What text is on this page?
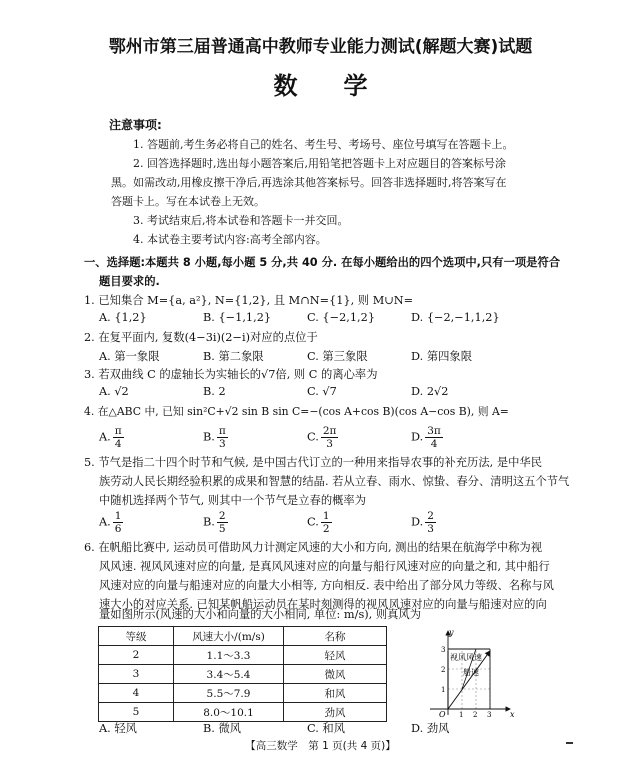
鄂州市第三届普通高中教师专业能力测试(解题大赛)试题
数学
注意事项:
1. 答题前,考生务必将自己的姓名、考生号、考场号、座位号填写在答题卡上。
2. 回答选择题时,选出每小题答案后,用铅笔把答题卡上对应题目的答案标号涂
黑。如需改动,用橡皮擦干净后,再选涂其他答案标号。回答非选择题时,将答案写在
答题卡上。写在本试卷上无效。
3. 考试结束后,将本试卷和答题卡一并交回。
4. 本试卷主要考试内容:高考全部内容。
一、选择题:本题共 8 小题,每小题 5 分,共 40 分. 在每小题给出的四个选项中,只有一项是符合
题目要求的.
1. 已知集合 M={a, a²}, N={1,2}, 且 M∩N={1}, 则 M∪N=
A. {1,2}	B. {−1,1,2}	C. {−2,1,2}	D. {−2,−1,1,2}
2. 在复平面内, 复数(4−3i)(2−i)对应的点位于
A. 第一象限	B. 第二象限	C. 第三象限	D. 第四象限
3. 若双曲线 C 的虚轴长为实轴长的√7倍, 则 C 的离心率为
A. √2	B. 2	C. √7	D. 2√2
4. 在△ABC 中, 已知 sin²C+√2 sin B sin C=−(cos A+cos B)(cos A−cos B), 则 A=
A. $\frac{\pi}{4}$	B. $\frac{\pi}{3}$	C. $\frac{2\pi}{3}$	D. $\frac{3\pi}{4}$
5. 节气是指二十四个时节和气候, 是中国古代订立的一种用来指导农事的补充历法, 是中华民
族劳动人民长期经验积累的成果和智慧的结晶. 若从立春、雨水、惊蛰、春分、清明这五个节气
中随机选择两个节气, 则其中一个节气是立春的概率为
A. $\frac{1}{6}$	B. $\frac{2}{5}$	C. $\frac{1}{2}$	D. $\frac{2}{3}$
6. 在帆船比赛中, 运动员可借助风力计测定风速的大小和方向, 测出的结果在航海学中称为视
风风速. 视风风速对应的向量, 是真风风速对应的向量与船行风速对应的向量之和, 其中船行
风速对应的向量与船速对应的向量大小相等, 方向相反. 表中给出了部分风力等级、名称与风
速大小的对应关系. 已知某帆船运动员在某时刻测得的视风风速对应的向量与船速对应的向
量如图所示(风速的大小和向量的大小相同, 单位: m/s), 则真风为
等级	风速大小/(m/s)	名称
2	1.1～3.3	轻风
3	3.4～5.4	微风
4	5.5～7.9	和风
5	8.0～10.1	劲风
y
x
O 1 2 3
1
2
3
视风风速
船速
A. 轻风	B. 微风	C. 和风	D. 劲风
【高三数学　第 1 页(共 4 页)】
